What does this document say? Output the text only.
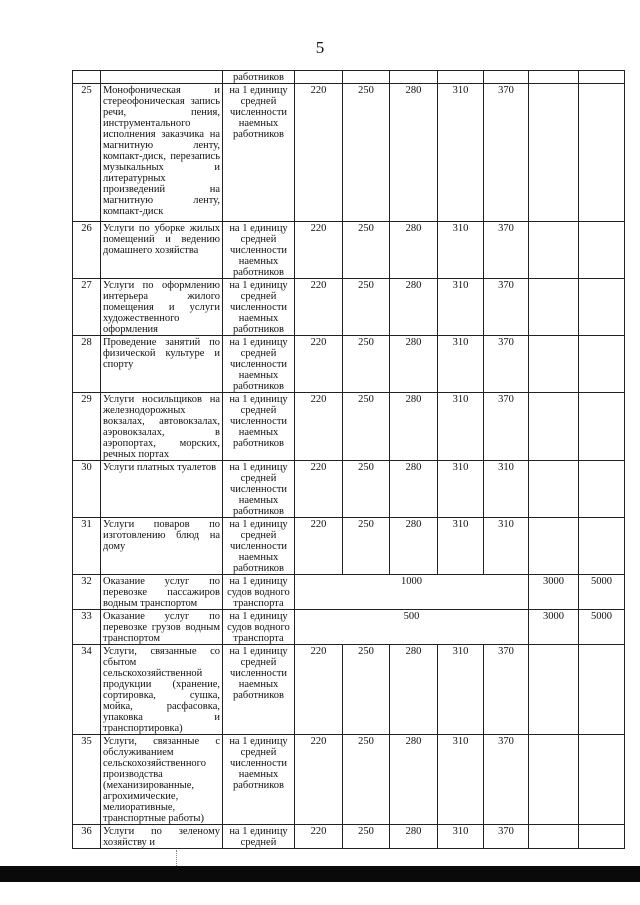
5
		работников							
25	Монофоническая и стереофоническая запись речи, пения, инструментального исполнения заказчика на магнитную ленту, компакт-диск, перезапись музыкальных и литературных произведений на магнитную ленту, компакт-диск	на 1 единицу средней численности наемных работников	220	250	280	310	370		
26	Услуги по уборке жилых помещений и ведению домашнего хозяйства	на 1 единицу средней численности наемных работников	220	250	280	310	370		
27	Услуги по оформлению интерьера жилого помещения и услуги художественного оформления	на 1 единицу средней численности наемных работников	220	250	280	310	370		
28	Проведение занятий по физической культуре и спорту	на 1 единицу средней численности наемных работников	220	250	280	310	370		
29	Услуги носильщиков на железнодорожных вокзалах, автовокзалах, аэровокзалах, в аэропортах, морских, речных портах	на 1 единицу средней численности наемных работников	220	250	280	310	370		
30	Услуги платных туалетов	на 1 единицу средней численности наемных работников	220	250	280	310	310		
31	Услуги поваров по изготовлению блюд на дому	на 1 единицу средней численности наемных работников	220	250	280	310	310		
32	Оказание услуг по перевозке пассажиров водным транспортом	на 1 единицу судов водного транспорта	1000					3000	5000
33	Оказание услуг по перевозке грузов водным транспортом	на 1 единицу судов водного транспорта	500					3000	5000
34	Услуги, связанные со сбытом сельскохозяйственной продукции (хранение, сортировка, сушка, мойка, расфасовка, упаковка и транспортировка)	на 1 единицу средней численности наемных работников	220	250	280	310	370		
35	Услуги, связанные с обслуживанием сельскохозяйственного производства (механизированные, агрохимические, мелиоративные, транспортные работы)	на 1 единицу средней численности наемных работников	220	250	280	310	370		
36	Услуги по зеленому хозяйству и	на 1 единицу средней	220	250	280	310	370		
